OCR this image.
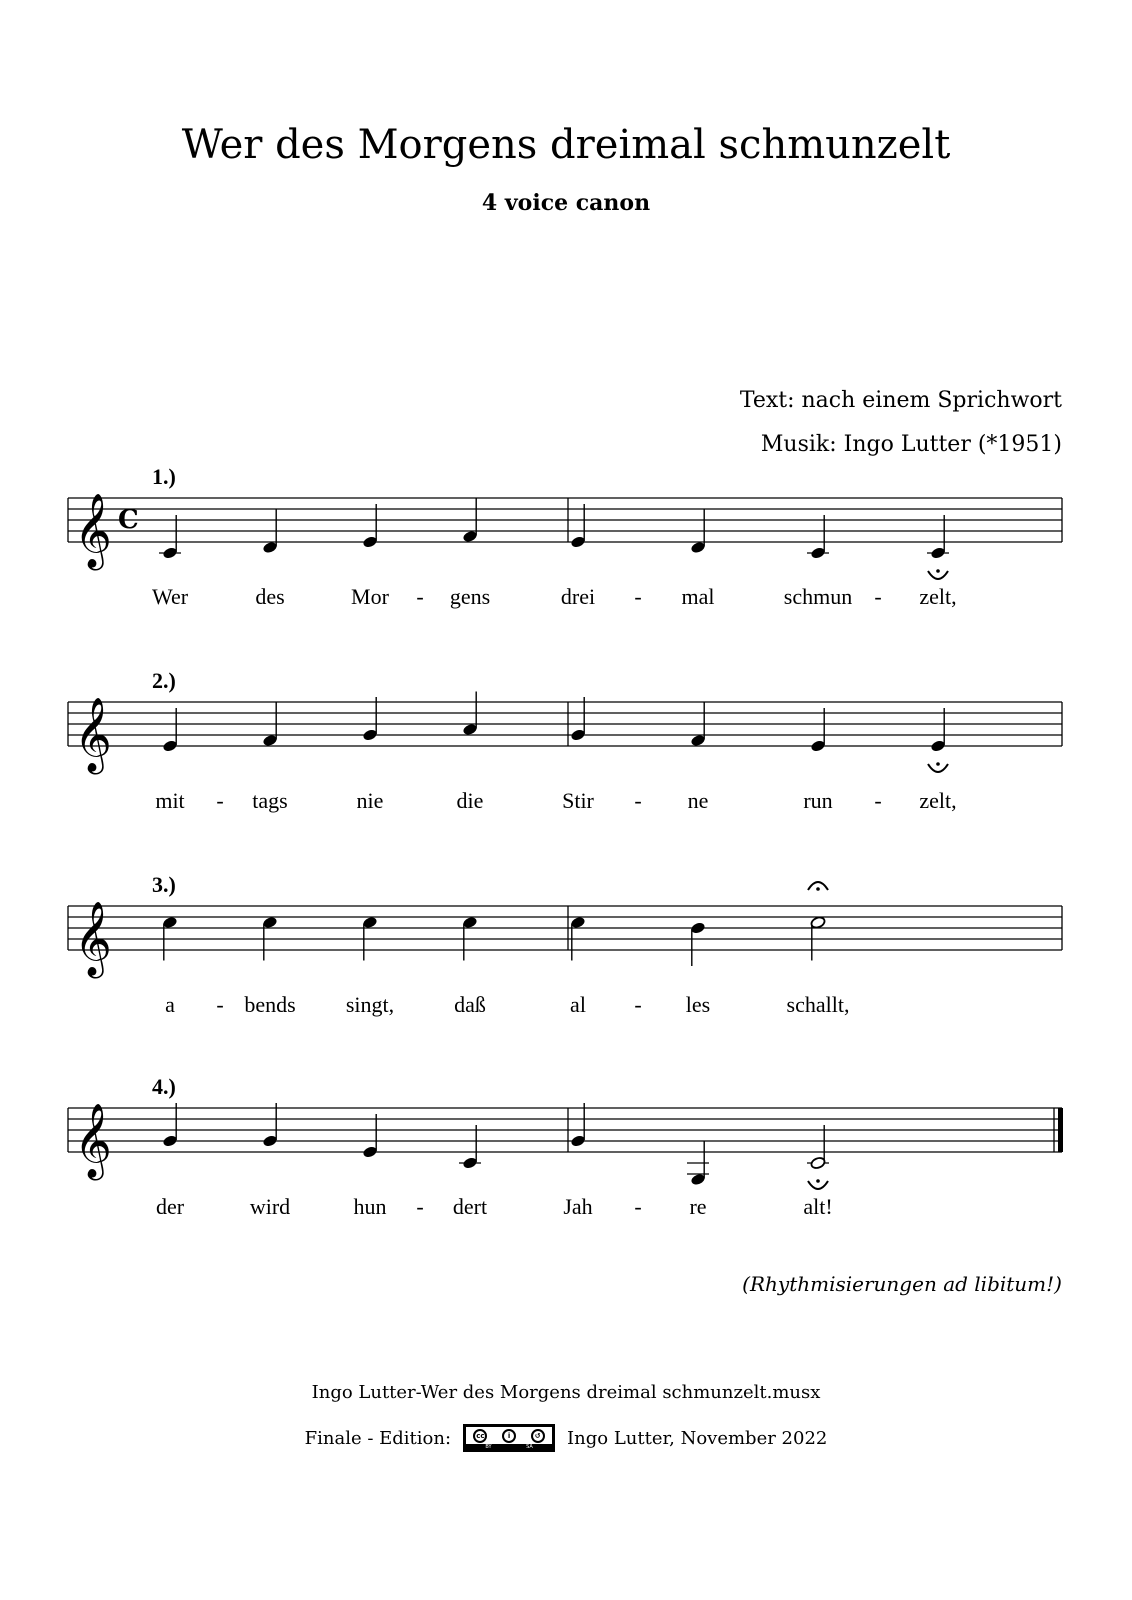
Wer des Morgens dreimal schmunzelt
4 voice canon
Text: nach einem Sprichwort
Musik: Ingo Lutter (*1951)
𝄞 C
1.)
Wer	des	Mor	gens	drei	mal	schmun	zelt,
-	-	-
𝄞
2.)
mit	tags	nie	die	Stir	ne	run	zelt,
-	-	-
𝄞
3.)
a	bends singt,	daß	al	les	schallt,
-	-
𝄞
4.)
der	wird	hun	dert	Jah	re	alt!
-	-
(Rhythmisierungen ad libitum!)
Ingo Lutter-Wer des Morgens dreimal schmunzelt.musx
Finale - Edition:	cc	i	↺
BY	SA Ingo Lutter, November 2022
